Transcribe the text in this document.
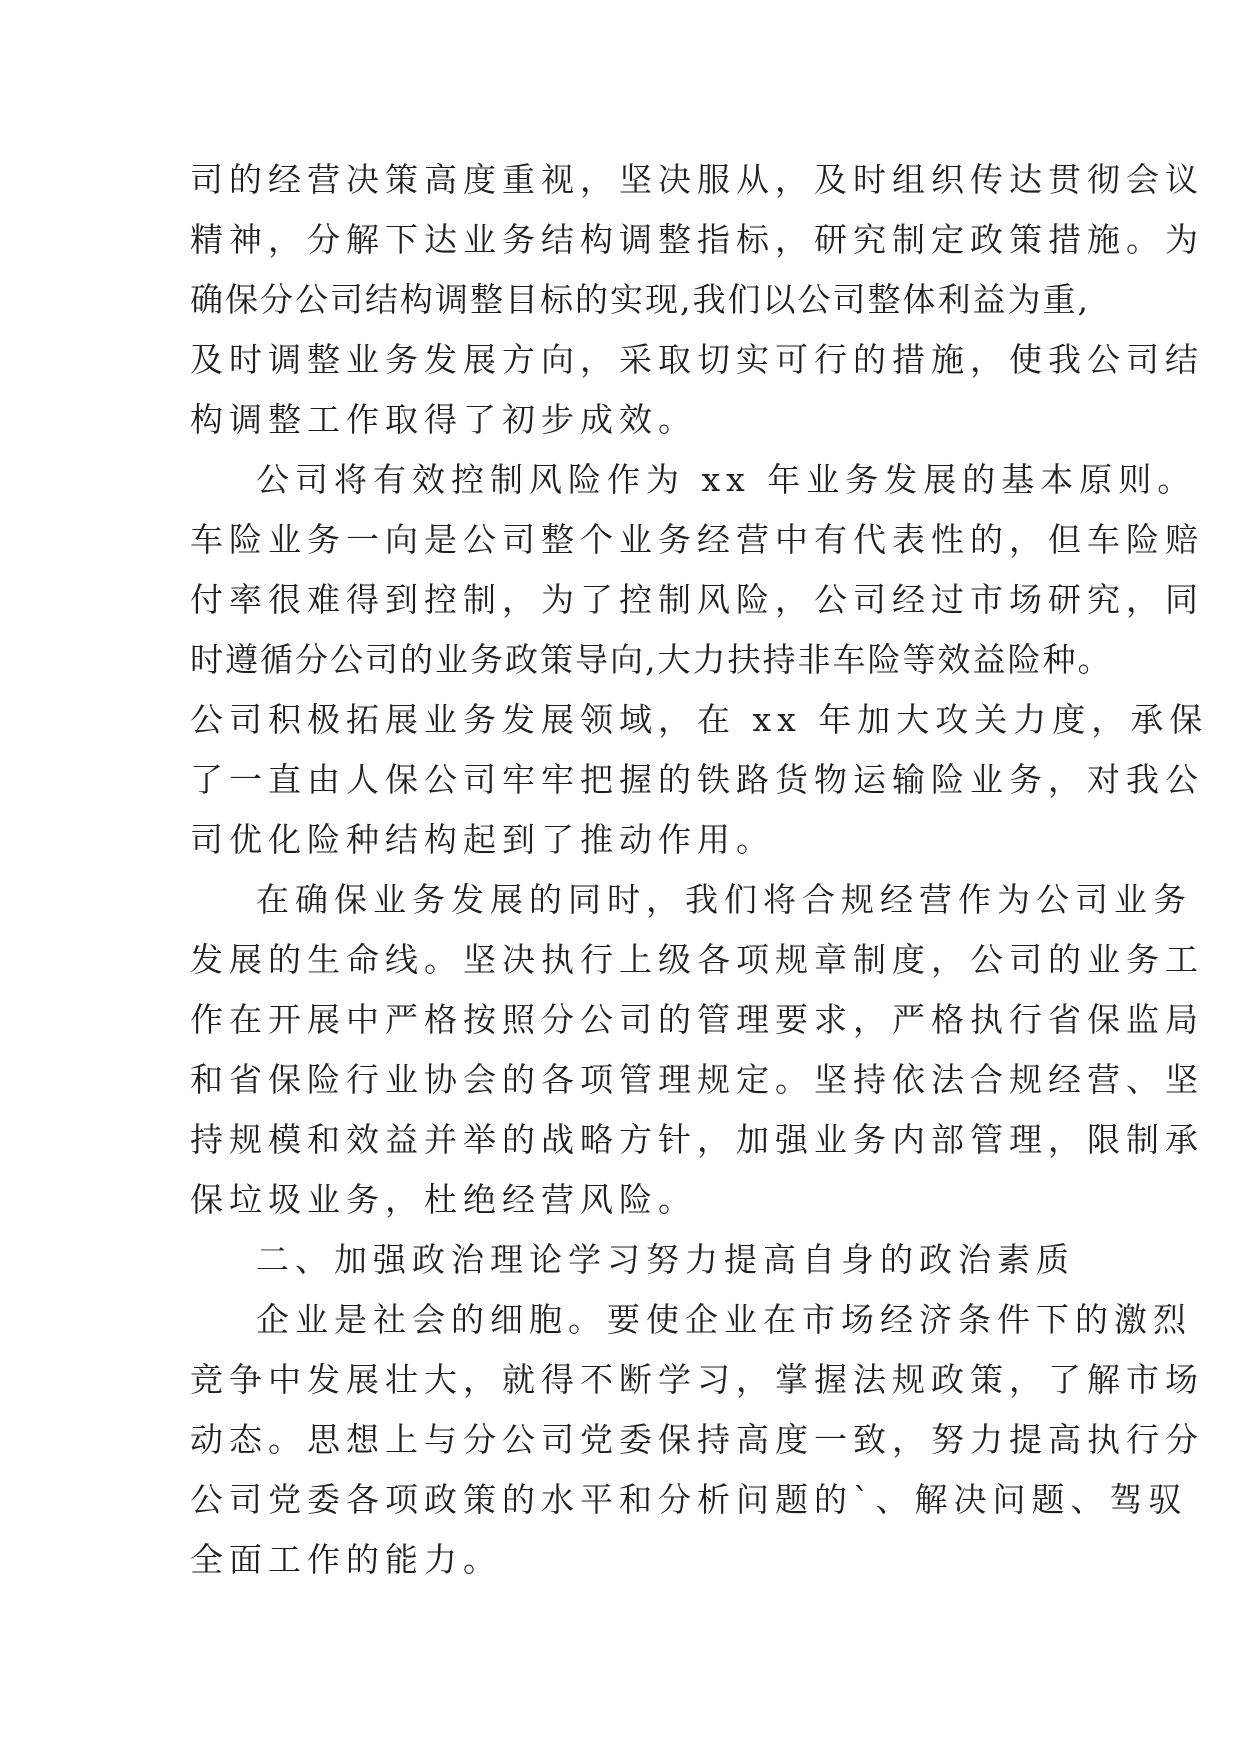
司的经营决策高度重视，坚决服从，及时组织传达贯彻会议
精神，分解下达业务结构调整指标，研究制定政策措施。为
确保分公司结构调整目标的实现,我们以公司整体利益为重,
及时调整业务发展方向，采取切实可行的措施，使我公司结
构调整工作取得了初步成效。
公司将有效控制风险作为 xx 年业务发展的基本原则。
车险业务一向是公司整个业务经营中有代表性的，但车险赔
付率很难得到控制，为了控制风险，公司经过市场研究，同
时遵循分公司的业务政策导向,大力扶持非车险等效益险种。
公司积极拓展业务发展领域，在 xx 年加大攻关力度，承保
了一直由人保公司牢牢把握的铁路货物运输险业务，对我公
司优化险种结构起到了推动作用。
在确保业务发展的同时，我们将合规经营作为公司业务
发展的生命线。坚决执行上级各项规章制度，公司的业务工
作在开展中严格按照分公司的管理要求，严格执行省保监局
和省保险行业协会的各项管理规定。坚持依法合规经营、坚
持规模和效益并举的战略方针，加强业务内部管理，限制承
保垃圾业务，杜绝经营风险。
二、加强政治理论学习努力提高自身的政治素质
企业是社会的细胞。要使企业在市场经济条件下的激烈
竞争中发展壮大，就得不断学习，掌握法规政策，了解市场
动态。思想上与分公司党委保持高度一致，努力提高执行分
公司党委各项政策的水平和分析问题的`、解决问题、驾驭
全面工作的能力。
